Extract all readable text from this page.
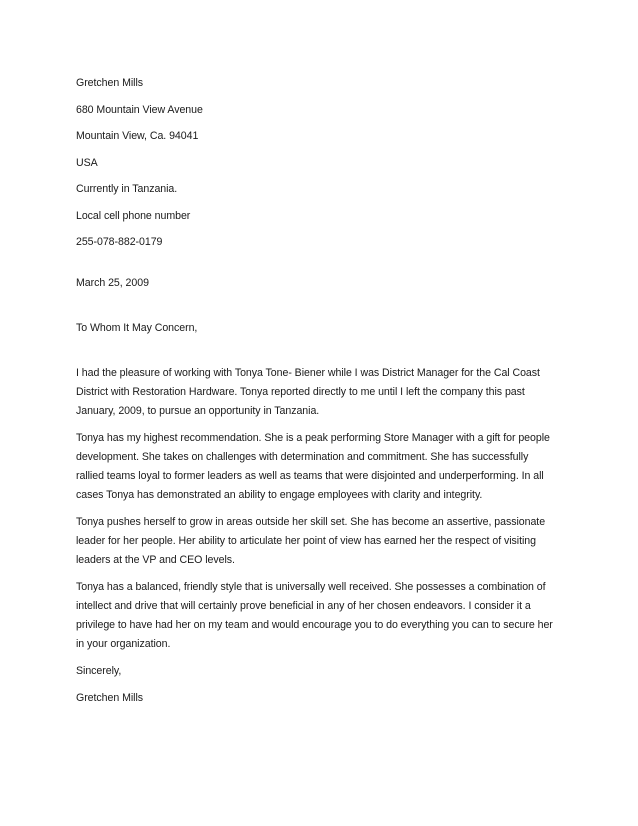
Gretchen Mills
680 Mountain View Avenue
Mountain View, Ca. 94041
USA
Currently in Tanzania.
Local cell phone number
255-078-882-0179
March 25, 2009
To Whom It May Concern,
I had the pleasure of working with Tonya Tone- Biener while I was District Manager for the Cal Coast
District with Restoration Hardware. Tonya reported directly to me until I left the company this past
January, 2009, to pursue an opportunity in Tanzania.
Tonya has my highest recommendation. She is a peak performing Store Manager with a gift for people
development. She takes on challenges with determination and commitment. She has successfully
rallied teams loyal to former leaders as well as teams that were disjointed and underperforming. In all
cases Tonya has demonstrated an ability to engage employees with clarity and integrity.
Tonya pushes herself to grow in areas outside her skill set. She has become an assertive, passionate
leader for her people. Her ability to articulate her point of view has earned her the respect of visiting
leaders at the VP and CEO levels.
Tonya has a balanced, friendly style that is universally well received. She possesses a combination of
intellect and drive that will certainly prove beneficial in any of her chosen endeavors. I consider it a
privilege to have had her on my team and would encourage you to do everything you can to secure her
in your organization.
Sincerely,
Gretchen Mills
